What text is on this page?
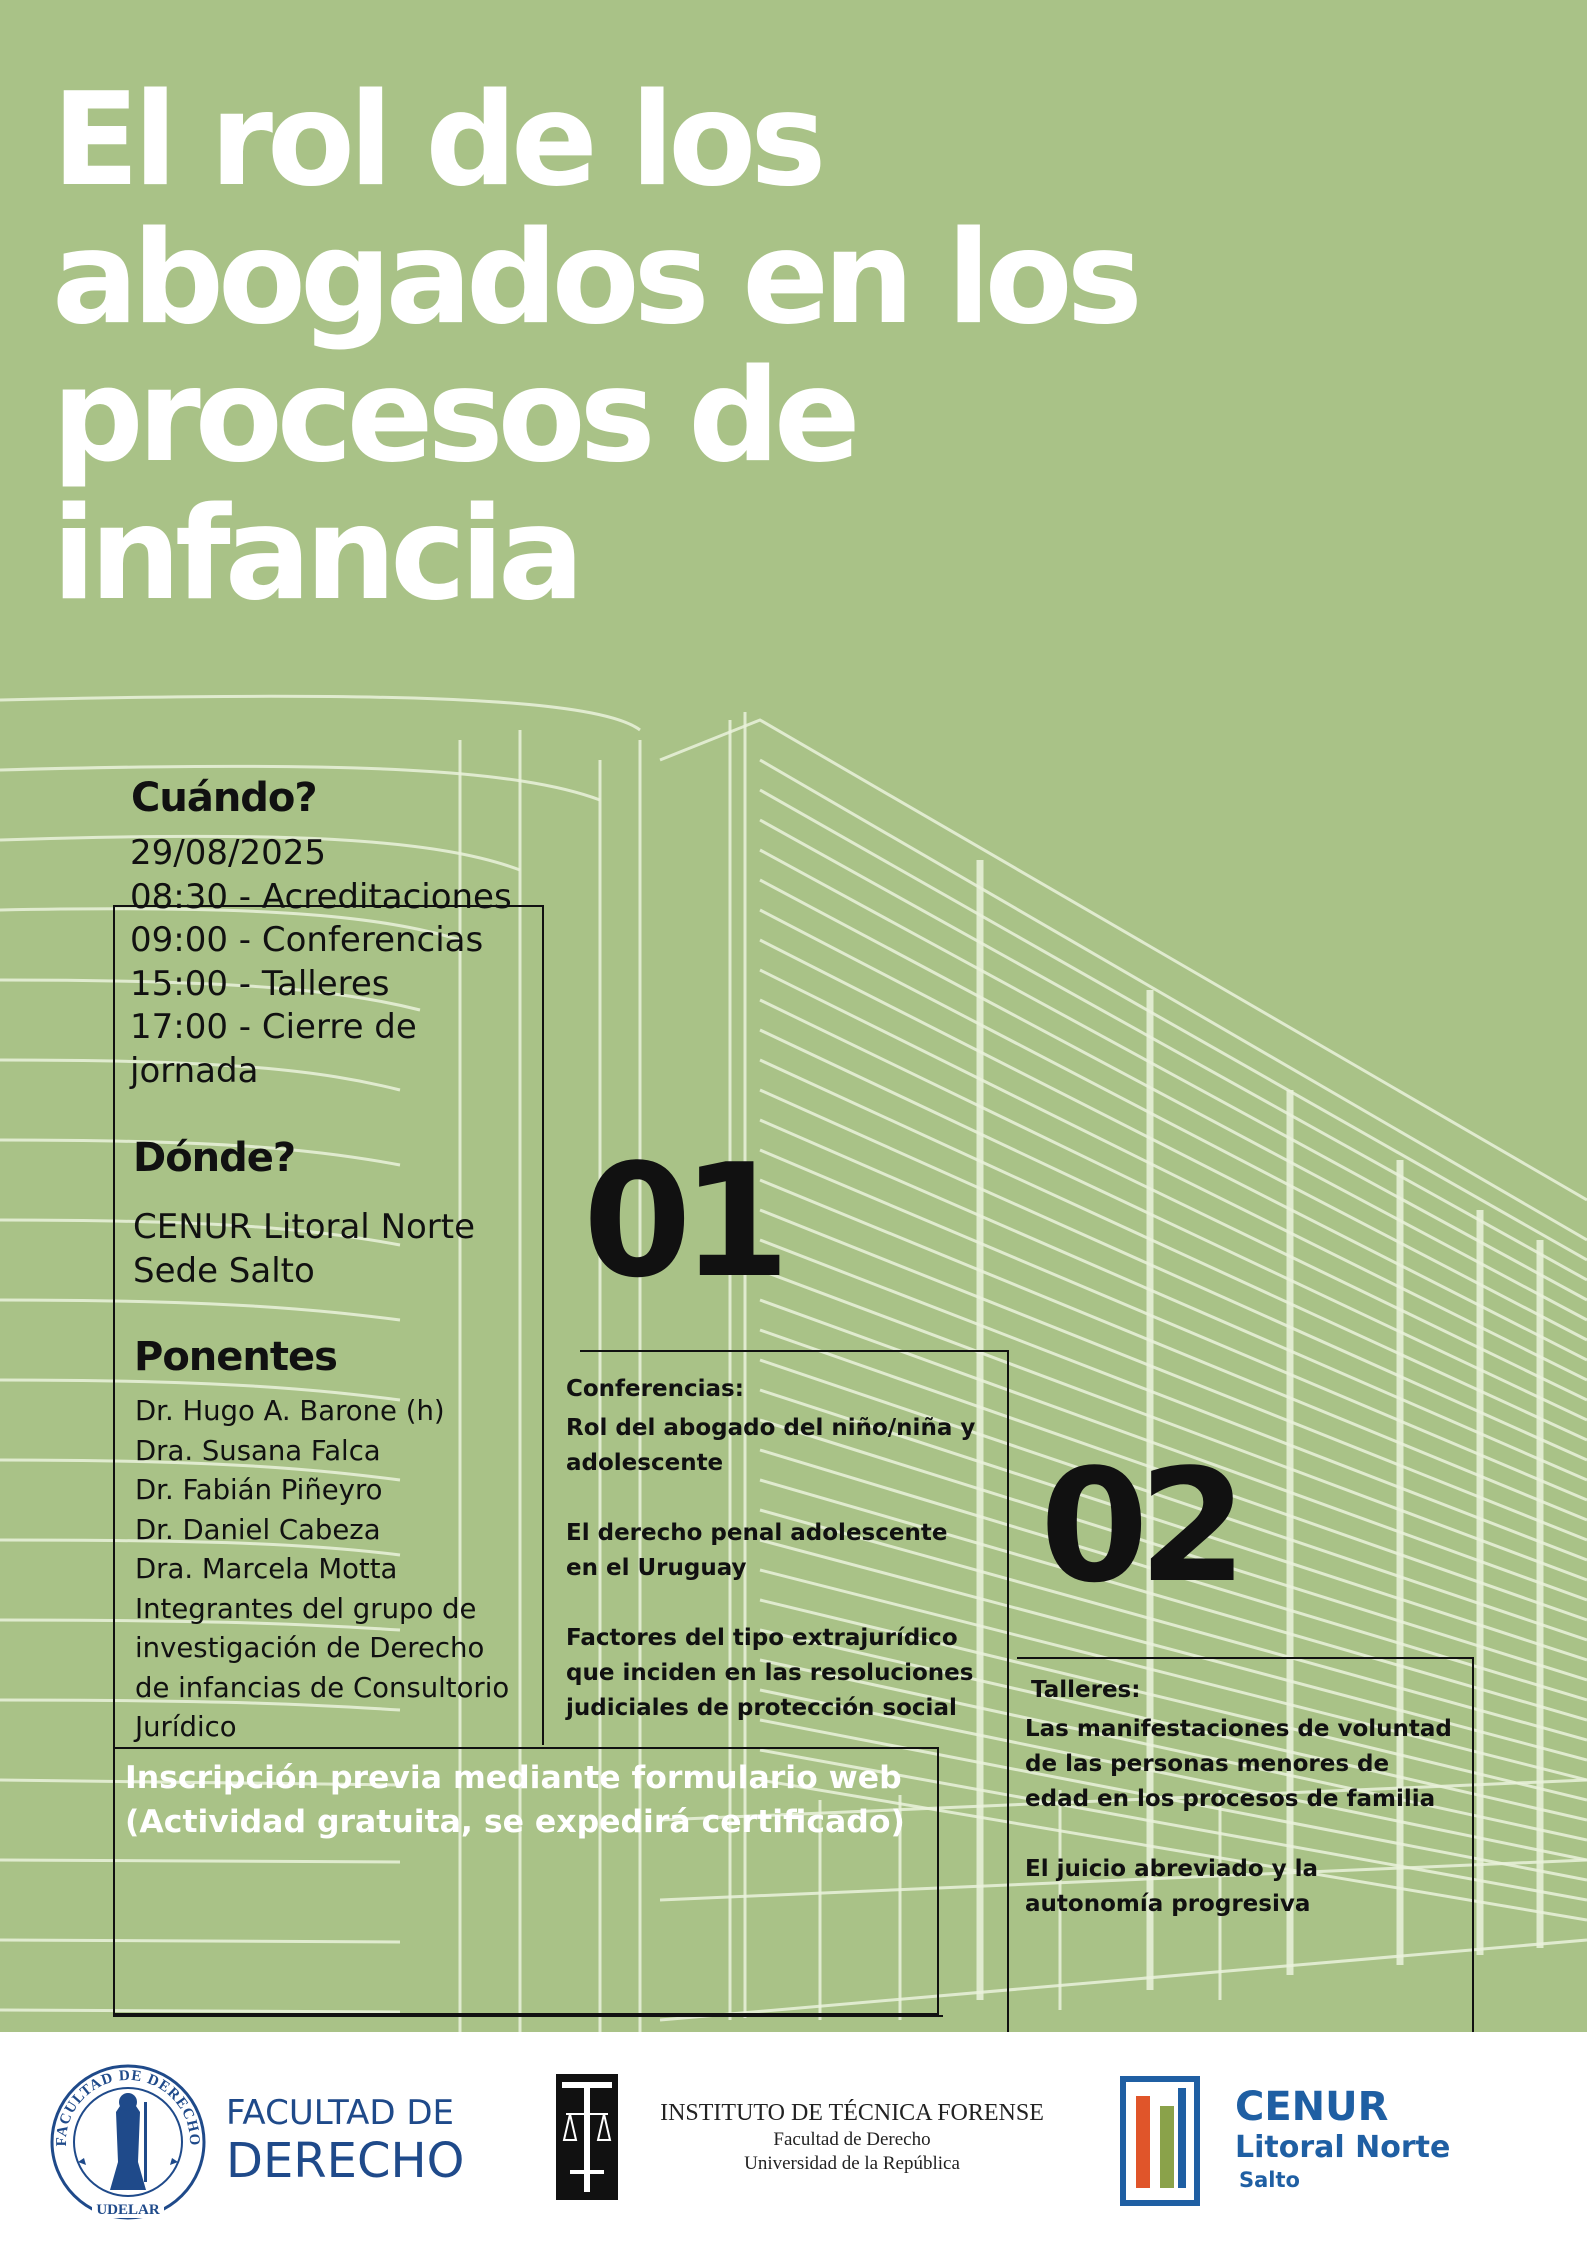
El rol de los
abogados en los
procesos de
infancia
Cuándo?
29/08/2025
08:30 - Acreditaciones
09:00 - Conferencias
15:00 - Talleres
17:00 - Cierre de
jornada
Dónde?
CENUR Litoral Norte
Sede Salto
Ponentes
Dr. Hugo A. Barone (h)
Dra. Susana Falca
Dr. Fabián Piñeyro
Dr. Daniel Cabeza
Dra. Marcela Motta
Integrantes del grupo de
investigación de Derecho
de infancias de Consultorio
Jurídico
01
Conferencias:
Rol del abogado del niño/niña y
adolescente
El derecho penal adolescente
en el Uruguay
Factores del tipo extrajurídico
que inciden en las resoluciones
judiciales de protección social
02
Talleres:
Las manifestaciones de voluntad
de las personas menores de
edad en los procesos de familia
El juicio abreviado y la
autonomía progresiva
Inscripción previa mediante formulario web
(Actividad gratuita, se expedirá certificado)
FACULTAD DE DERECHO
UDELAR
FACULTAD DE
DERECHO
INSTITUTO DE TÉCNICA FORENSE
Facultad de Derecho
Universidad de la República
CENUR
Litoral Norte
Salto
